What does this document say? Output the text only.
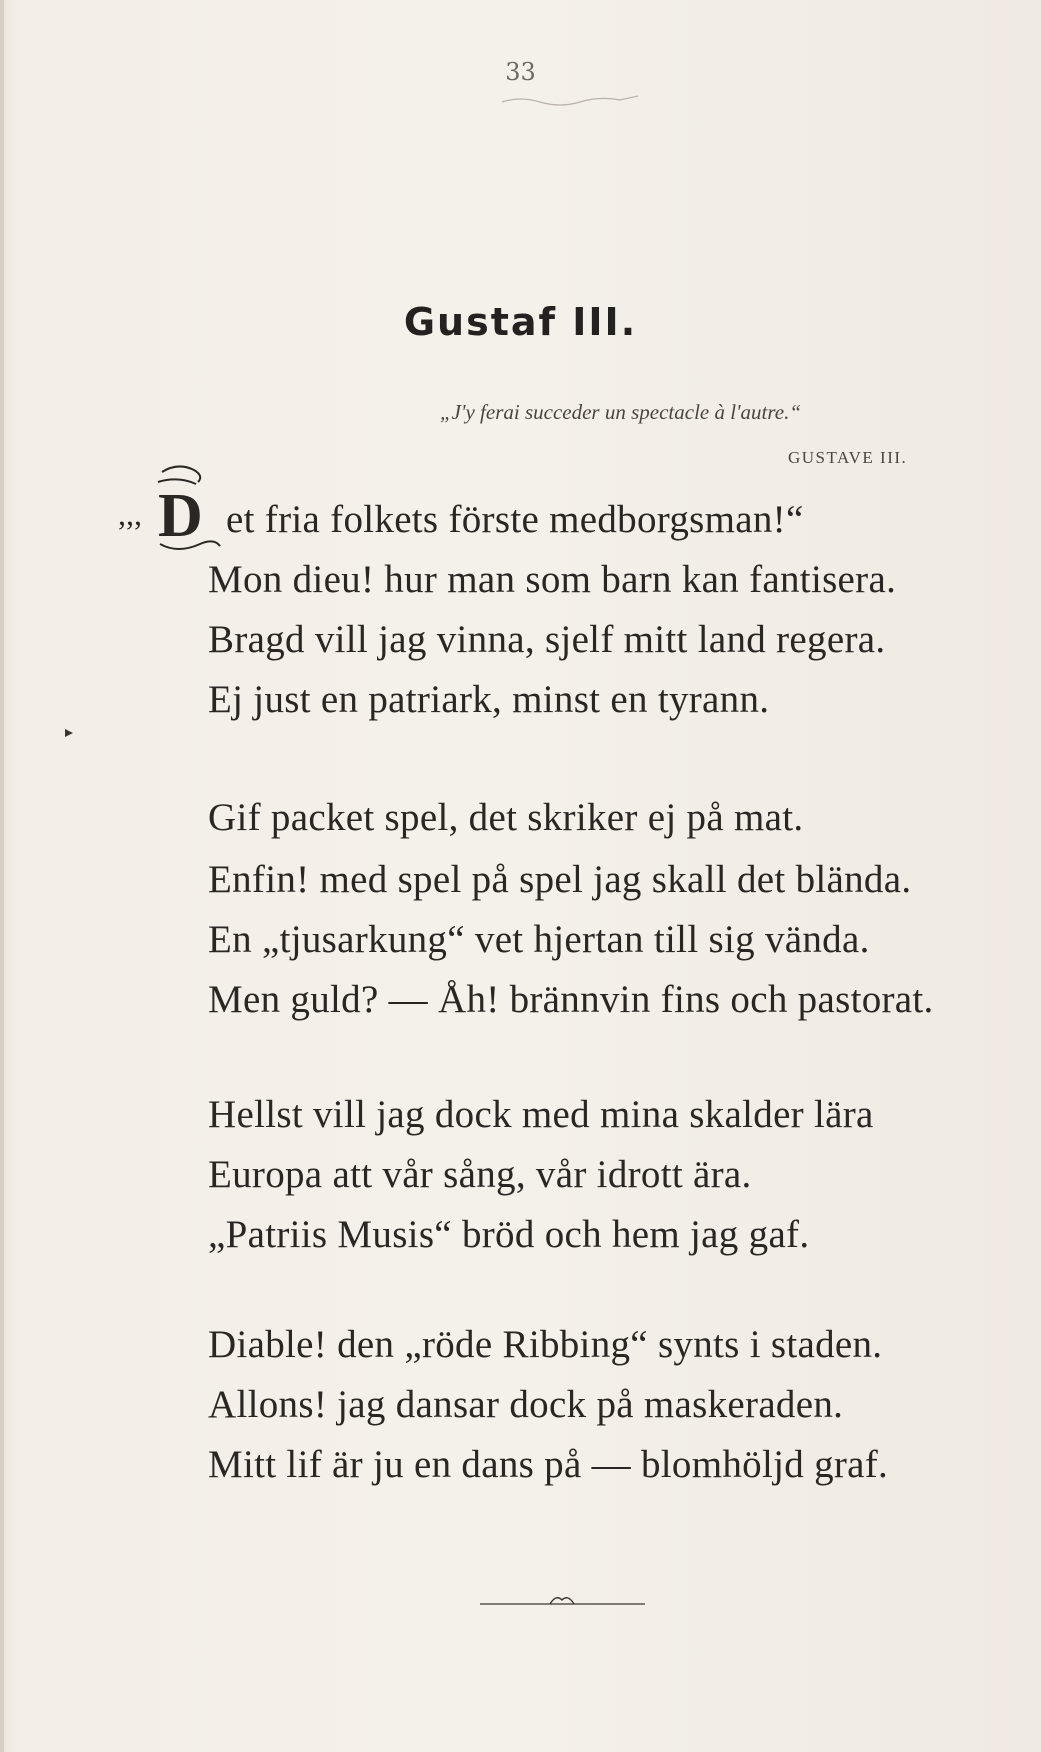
33
Gustaf III.
„J'y ferai succeder un spectacle à l'autre.“
GUSTAVE III.
,,, D et fria folkets förste medborgsman!“
Mon dieu! hur man som barn kan fantisera.
Bragd vill jag vinna, sjelf mitt land regera.
Ej just en patriark, minst en tyrann.
Gif packet spel, det skriker ej på mat.
Enfin! med spel på spel jag skall det blända.
En „tjusarkung“ vet hjertan till sig vända.
Men guld? — Åh! brännvin fins och pastorat.
Hellst vill jag dock med mina skalder lära
Europa att vår sång, vår idrott ära.
„Patriis Musis“ bröd och hem jag gaf.
Diable! den „röde Ribbing“ synts i staden.
Allons! jag dansar dock på maskeraden.
Mitt lif är ju en dans på — blomhöljd graf.
